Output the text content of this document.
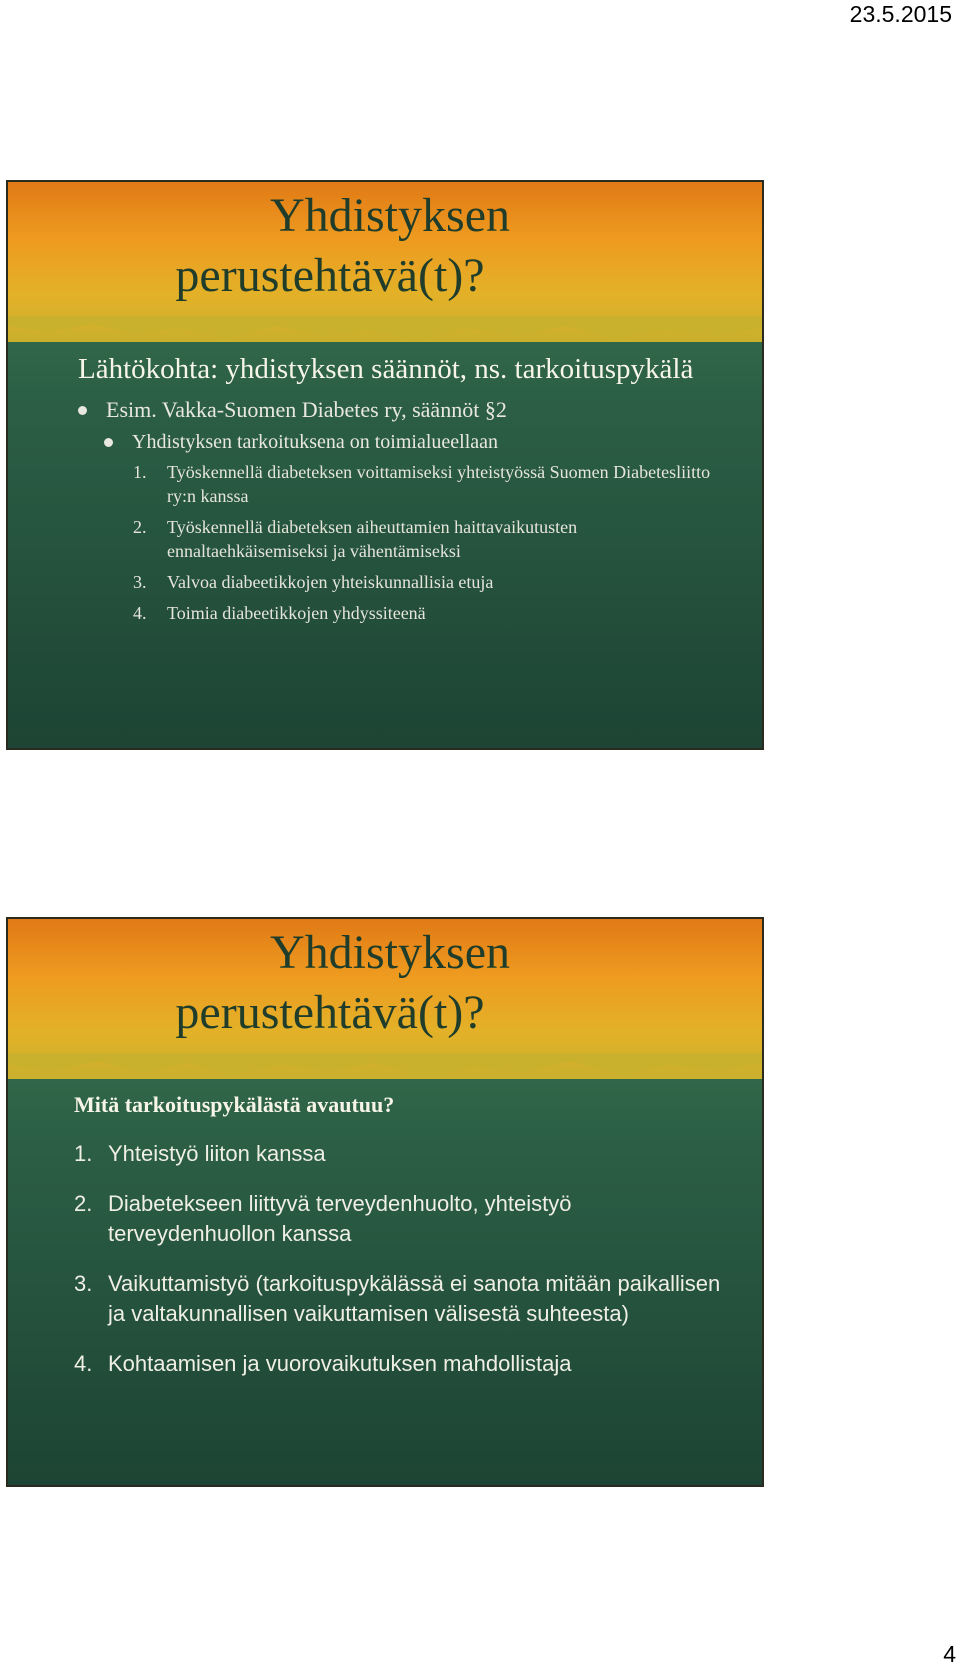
23.5.2015
Yhdistyksen
perustehtävä(t)?
Lähtökohta: yhdistyksen säännöt, ns. tarkoituspykälä
Esim. Vakka-Suomen Diabetes ry, säännöt §2
Yhdistyksen tarkoituksena on toimialueellaan
1. Työskennellä diabeteksen voittamiseksi yhteistyössä Suomen Diabetesliitto ry:n kanssa
2. Työskennellä diabeteksen aiheuttamien haittavaikutusten ennaltaehkäisemiseksi ja vähentämiseksi
3. Valvoa diabeetikkojen yhteiskunnallisia etuja
4. Toimia diabeetikkojen yhdyssiteenä
Yhdistyksen
perustehtävä(t)?
Mitä tarkoituspykälästä avautuu?
1. Yhteistyö liiton kanssa
2. Diabetekseen liittyvä terveydenhuolto, yhteistyö terveydenhuollon kanssa
3. Vaikuttamistyö (tarkoituspykälässä ei sanota mitään paikallisen ja valtakunnallisen vaikuttamisen välisestä suhteesta)
4. Kohtaamisen ja vuorovaikutuksen mahdollistaja
4
